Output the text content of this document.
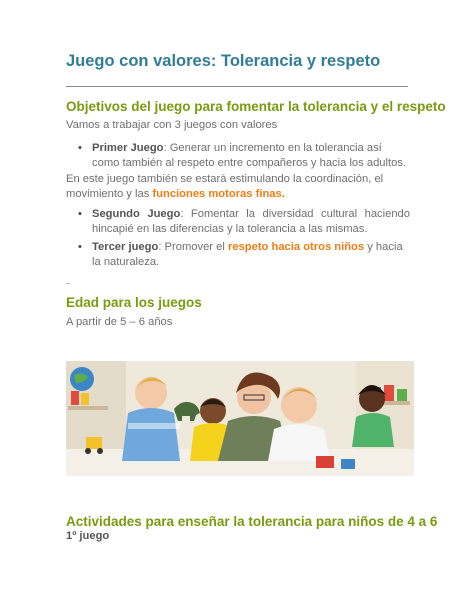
Juego con valores: Tolerancia y respeto
Objetivos del juego para fomentar la tolerancia y el respeto
Vamos a trabajar con 3 juegos con valores
• Primer Juego: Generar un incremento en la tolerancia así como también al respeto entre compañeros y hacia los adultos.
En este juego también se estará estimulando la coordinación, el movimiento y las funciones motoras finas.
• Segundo Juego: Fomentar la diversidad cultural haciendo hincapié en las diferencias y la tolerancia a las mismas.
• Tercer juego: Promover el respeto hacia otros niños y hacia la naturaleza.
–
Edad para los juegos
A partir de 5 – 6 años
Actividades para enseñar la tolerancia para niños de 4 a 6
1º juego
